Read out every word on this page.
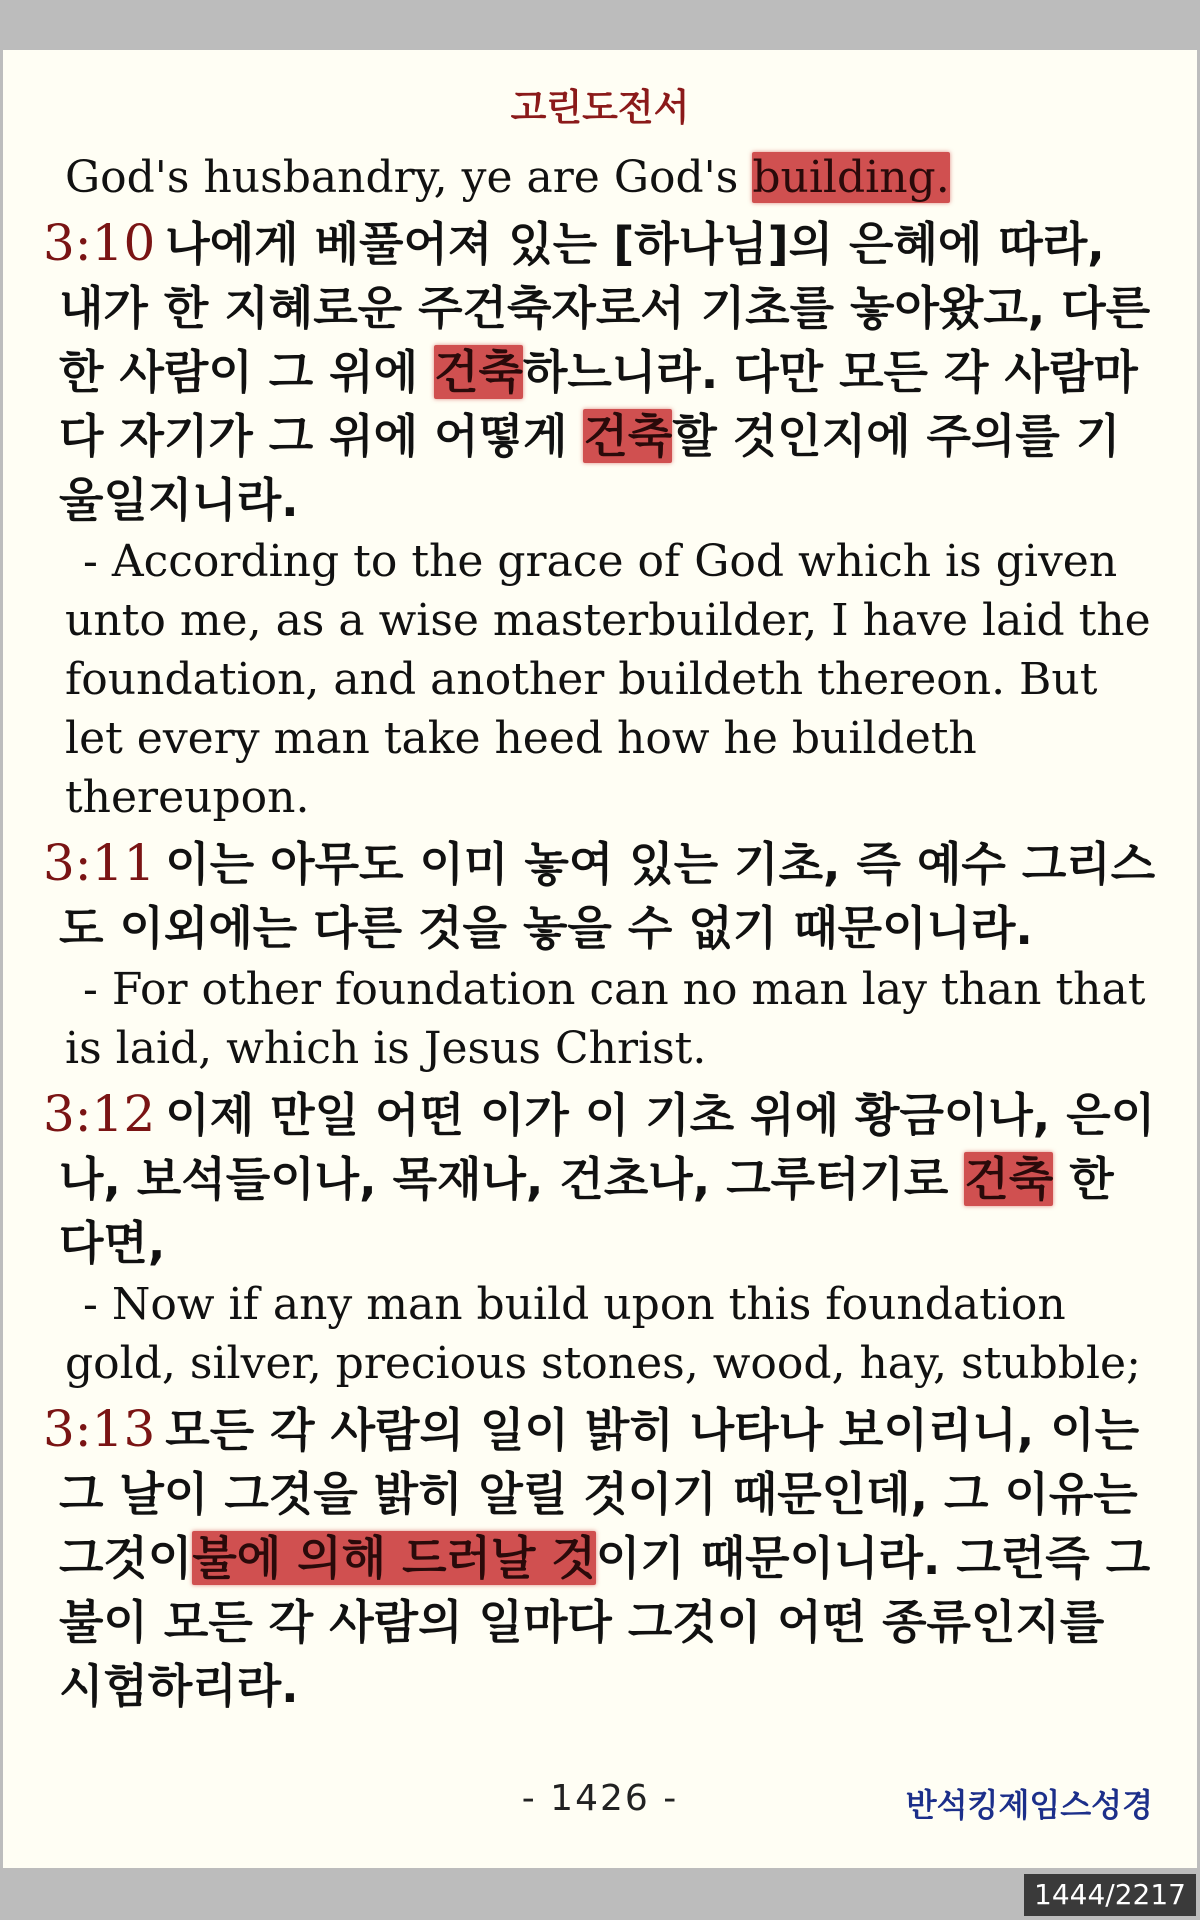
고린도전서

God's husbandry, ye are God's building.

3:10 나에게 베풀어져 있는 [하나님]의 은혜에 따라, 내가 한 지혜로운 주건축자로서 기초를 놓아왔고, 다른 한 사람이 그 위에 건축하느니라. 다만 모든 각 사람마다 자기가 그 위에 어떻게 건축할 것인지에 주의를 기울일지니라.

- According to the grace of God which is given unto me, as a wise masterbuilder, I have laid the foundation, and another buildeth thereon. But let every man take heed how he buildeth thereupon.

3:11 이는 아무도 이미 놓여 있는 기초, 즉 예수 그리스도 이외에는 다른 것을 놓을 수 없기 때문이니라.

- For other foundation can no man lay than that is laid, which is Jesus Christ.

3:12 이제 만일 어떤 이가 이 기초 위에 황금이나, 은이나, 보석들이나, 목재나, 건초나, 그루터기로 건축 한다면,

- Now if any man build upon this foundation gold, silver, precious stones, wood, hay, stubble;

3:13 모든 각 사람의 일이 밝히 나타나 보이리니, 이는 그 날이 그것을 밝히 알릴 것이기 때문인데, 그 이유는 그것이불에 의해 드러날 것이기 때문이니라. 그런즉 그 불이 모든 각 사람의 일마다 그것이 어떤 종류인지를 시험하리라.

- 1426 -	반석킹제임스성경
1444/2217
